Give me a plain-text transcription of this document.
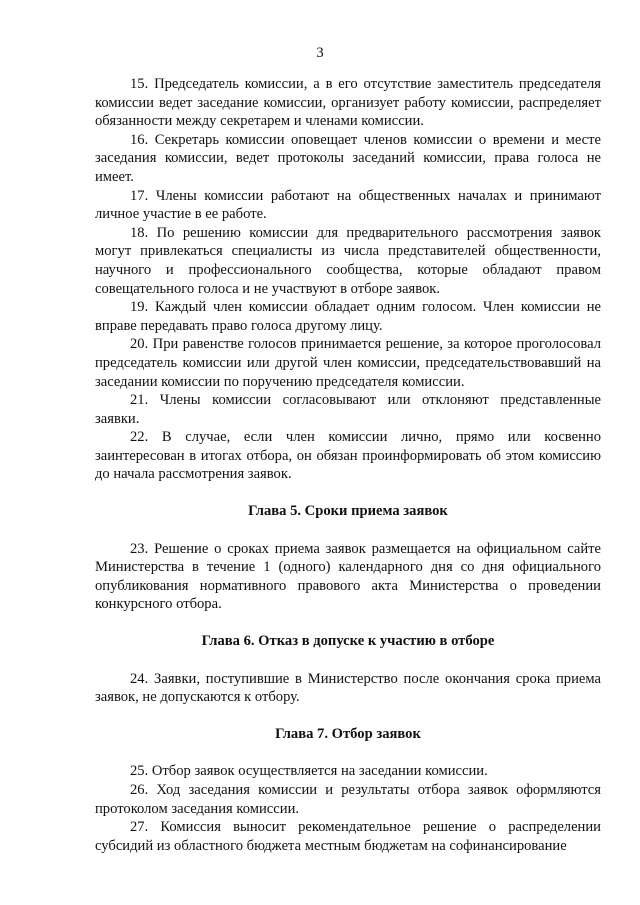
3

15. Председатель комиссии, а в его отсутствие заместитель председателя комиссии ведет заседание комиссии, организует работу комиссии, распределяет обязанности между секретарем и членами комиссии.

16. Секретарь комиссии оповещает членов комиссии о времени и месте заседания комиссии, ведет протоколы заседаний комиссии, права голоса не имеет.

17. Члены комиссии работают на общественных началах и принимают личное участие в ее работе.

18. По решению комиссии для предварительного рассмотрения заявок могут привлекаться специалисты из числа представителей общественности, научного и профессионального сообщества, которые обладают правом совещательного голоса и не участвуют в отборе заявок.

19. Каждый член комиссии обладает одним голосом. Член комиссии не вправе передавать право голоса другому лицу.

20. При равенстве голосов принимается решение, за которое проголосовал председатель комиссии или другой член комиссии, председательствовавший на заседании комиссии по поручению председателя комиссии.

21. Члены комиссии согласовывают или отклоняют представленные заявки.

22. В случае, если член комиссии лично, прямо или косвенно заинтересован в итогах отбора, он обязан проинформировать об этом комиссию до начала рассмотрения заявок.

Глава 5. Сроки приема заявок

23. Решение о сроках приема заявок размещается на официальном сайте Министерства в течение 1 (одного) календарного дня со дня официального опубликования нормативного правового акта Министерства о проведении конкурсного отбора.

Глава 6. Отказ в допуске к участию в отборе

24. Заявки, поступившие в Министерство после окончания срока приема заявок, не допускаются к отбору.

Глава 7. Отбор заявок

25. Отбор заявок осуществляется на заседании комиссии.

26. Ход заседания комиссии и результаты отбора заявок оформляются протоколом заседания комиссии.

27. Комиссия выносит рекомендательное решение о распределении субсидий из областного бюджета местным бюджетам на софинансирование
